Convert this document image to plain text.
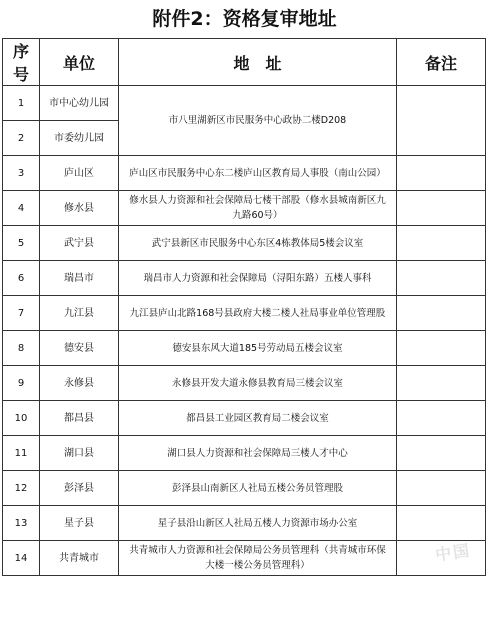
附件2：资格复审地址
序号	单位	地　址	备注
1	市中心幼儿园	市八里湖新区市民服务中心政协二楼D208	
2	市委幼儿园		
3	庐山区	庐山区市民服务中心东二楼庐山区教育局人事股（南山公园）	
4	修水县	修水县人力资源和社会保障局七楼干部股（修水县城南新区九九路60号）	
5	武宁县	武宁县新区市民服务中心东区4栋教体局5楼会议室	
6	瑞昌市	瑞昌市人力资源和社会保障局（浔阳东路）五楼人事科	
7	九江县	九江县庐山北路168号县政府大楼二楼人社局事业单位管理股	
8	德安县	德安县东风大道185号劳动局五楼会议室	
9	永修县	永修县开发大道永修县教育局三楼会议室	
10	都昌县	都昌县工业园区教育局二楼会议室	
11	湖口县	湖口县人力资源和社会保障局三楼人才中心	
12	彭泽县	彭泽县山南新区人社局五楼公务员管理股	
13	星子县	星子县沿山新区人社局五楼人力资源市场办公室	
14	共青城市	共青城市人力资源和社会保障局公务员管理科（共青城市环保大楼一楼公务员管理科）	
中国
